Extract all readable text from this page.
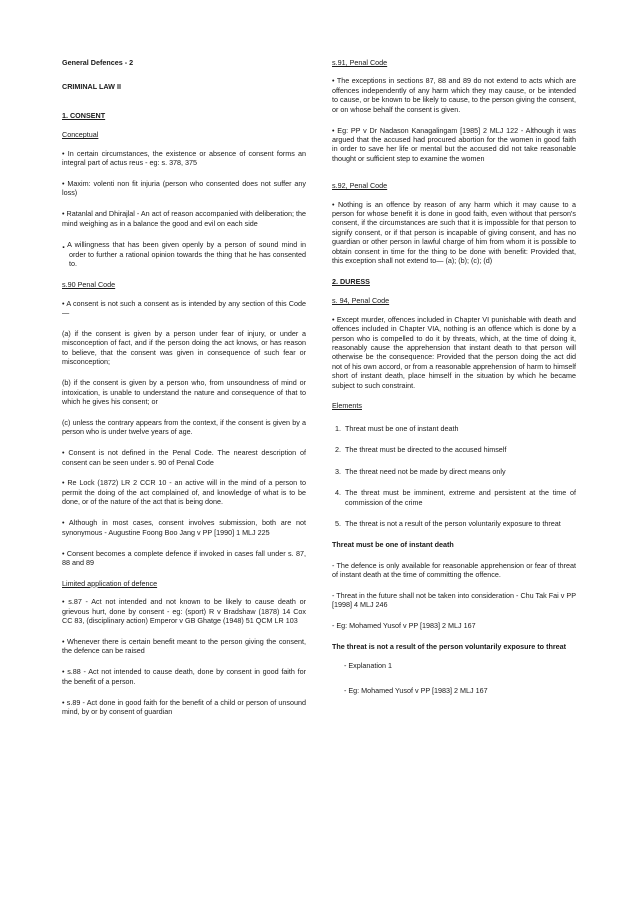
General Defences - 2

CRIMINAL LAW II

1. CONSENT

Conceptual

• In certain circumstances, the existence or absence of consent forms an integral part of actus reus - eg: s. 378, 375

• Maxim: volenti non fit injuria (person who consented does not suffer any loss)

• Ratanlal and Dhirajlal - An act of reason accompanied with deliberation; the mind weighing as in a balance the good and evil on each side

. A willingness that has been given openly by a person of sound mind in order to further a rational opinion towards the thing that he has consented to.

s.90 Penal Code

• A consent is not such a consent as is intended by any section of this Code—

(a) if the consent is given by a person under fear of injury, or under a misconception of fact, and if the person doing the act knows, or has reason to believe, that the consent was given in consequence of such fear or misconception;

(b) if the consent is given by a person who, from unsoundness of mind or intoxication, is unable to understand the nature and consequence of that to which he gives his consent; or

(c) unless the contrary appears from the context, if the consent is given by a person who is under twelve years of age.

• Consent is not defined in the Penal Code. The nearest description of consent can be seen under s. 90 of Penal Code

• Re Lock (1872) LR 2 CCR 10 - an active will in the mind of a person to permit the doing of the act complained of, and knowledge of what is to be done, or of the nature of the act that is being done.

• Although in most cases, consent involves submission, both are not synonymous - Augustine Foong Boo Jang v PP [1990] 1 MLJ 225

• Consent becomes a complete defence if invoked in cases fall under s. 87, 88 and 89

Limited application of defence

• s.87 - Act not intended and not known to be likely to cause death or grievous hurt, done by consent - eg: (sport) R v Bradshaw (1878) 14 Cox CC 83, (disciplinary action) Emperor v GB Ghatge (1948) 51 QCM LR 103

• Whenever there is certain benefit meant to the person giving the consent, the defence can be raised

• s.88 - Act not intended to cause death, done by consent in good faith for the benefit of a person.

• s.89 - Act done in good faith for the benefit of a child or person of unsound mind, by or by consent of guardian

s.91, Penal Code

• The exceptions in sections 87, 88 and 89 do not extend to acts which are offences independently of any harm which they may cause, or be intended to cause, or be known to be likely to cause, to the person giving the consent, or on whose behalf the consent is given.

• Eg: PP v Dr Nadason Kanagalingam [1985] 2 MLJ 122 - Although it was argued that the accused had procured abortion for the women in good faith in order to save her life or mental but the accused did not take reasonable thought or sufficient step to examine the women

s.92, Penal Code

• Nothing is an offence by reason of any harm which it may cause to a person for whose benefit it is done in good faith, even without that person's consent, if the circumstances are such that it is impossible for that person to signify consent, or if that person is incapable of giving consent, and has no guardian or other person in lawful charge of him from whom it is possible to obtain consent in time for the thing to be done with benefit: Provided that, this exception shall not extend to— (a); (b); (c); (d)

2. DURESS

s. 94, Penal Code

• Except murder, offences included in Chapter VI punishable with death and offences included in Chapter VIA, nothing is an offence which is done by a person who is compelled to do it by threats, which, at the time of doing it, reasonably cause the apprehension that instant death to that person will otherwise be the consequence: Provided that the person doing the act did not of his own accord, or from a reasonable apprehension of harm to himself short of instant death, place himself in the situation by which he became subject to such constraint.

Elements

1. Threat must be one of instant death
2. The threat must be directed to the accused himself
3. The threat need not be made by direct means only
4. The threat must be imminent, extreme and persistent at the time of commission of the crime
5. The threat is not a result of the person voluntarily exposure to threat

Threat must be one of instant death

- The defence is only available for reasonable apprehension or fear of threat of instant death at the time of committing the offence.

- Threat in the future shall not be taken into consideration - Chu Tak Fai v PP [1998] 4 MLJ 246

- Eg: Mohamed Yusof v PP [1983] 2 MLJ 167

The threat is not a result of the person voluntarily exposure to threat

- Explanation 1

- Eg: Mohamed Yusof v PP [1983] 2 MLJ 167
